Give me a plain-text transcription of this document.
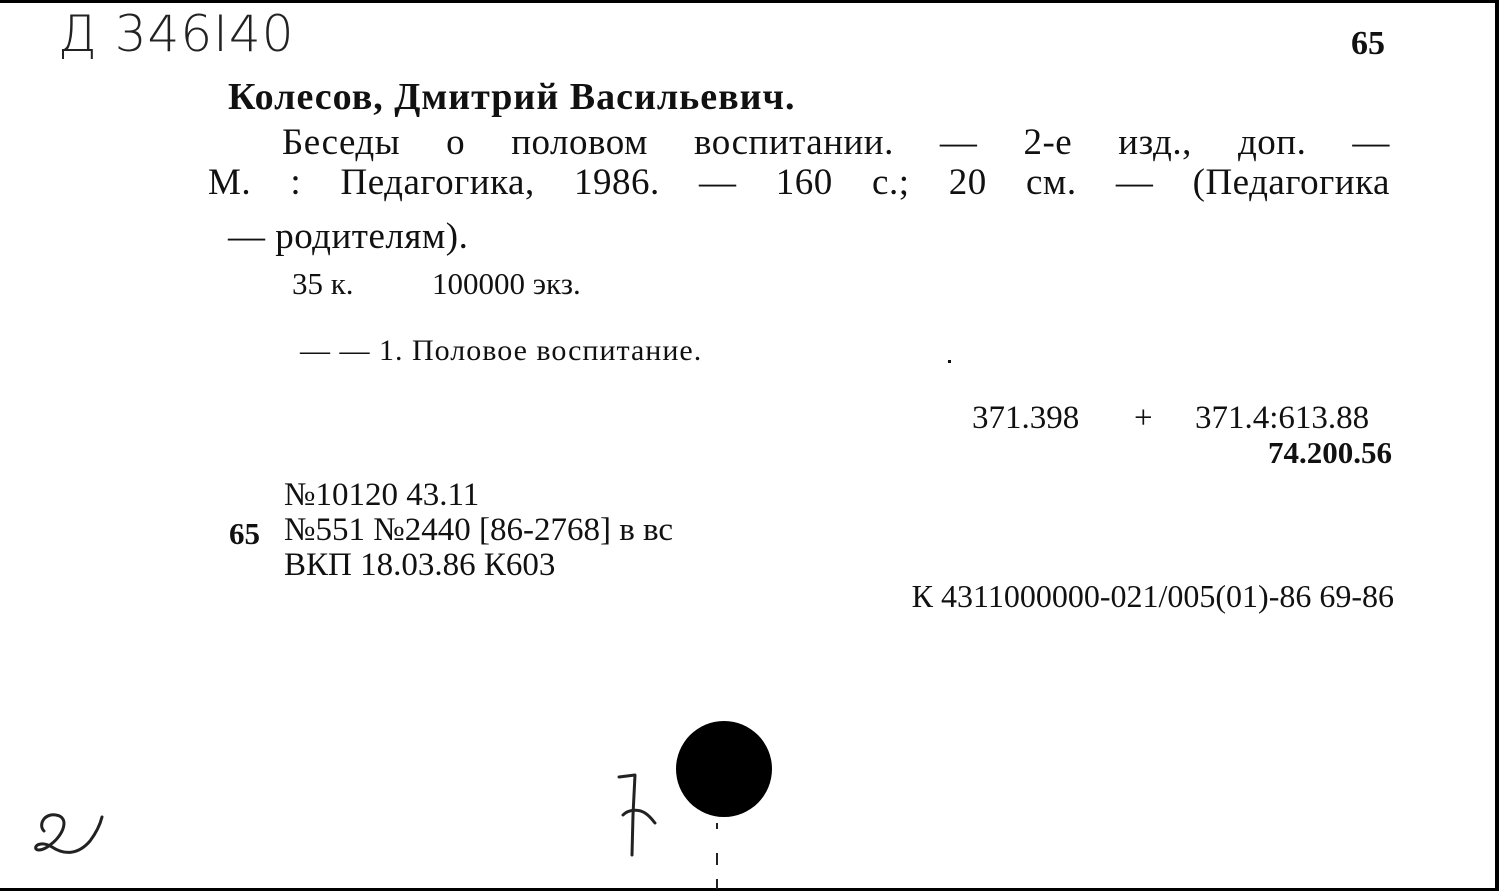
Д 346I40	65
Колесов, Дмитрий Васильевич.
Беседы о половом воспитании. — 2-е изд., доп. —
М. : Педагогика, 1986. — 160 с.; 20 см. — (Педагогика
— родителям).
35 к.	100000 экз.
— — 1. Половое воспитание.
371.398 + 371.4:613.88
74.200.56
№10120 43.11
65 №551 №2440 [86-2768] в вс
ВКП 18.03.86 К603
К 4311000000-021/005(01)-86 69-86
